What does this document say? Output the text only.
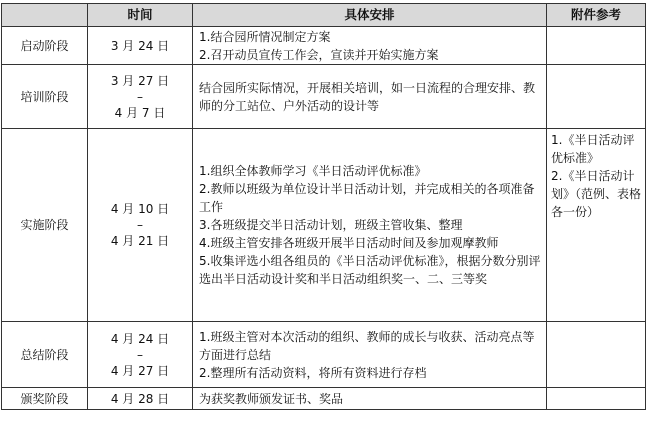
	时间	具体安排	附件参考
启动阶段	3 月 24 日	1.结合园所情况制定方案
2.召开动员宣传工作会，宣读并开始实施方案	

培训阶段	3 月 27 日
–
4 月 7 日	结合园所实际情况，开展相关培训，如一日流程的合理安排、教师的分工站位、户外活动的设计等	

实施阶段	4 月 10 日
–
4 月 21 日	1.组织全体教师学习《半日活动评优标准》
2.教师以班级为单位设计半日活动计划，并完成相关的各项准备工作
3.各班级提交半日活动计划，班级主管收集、整理
4.班级主管安排各班级开展半日活动时间及参加观摩教师
5.收集评选小组各组员的《半日活动评优标准》，根据分数分别评选出半日活动设计奖和半日活动组织奖一、二、三等奖	1.《半日活动评优标准》
2.《半日活动计划》（范例、表格各一份）

总结阶段	4 月 24 日
–
4 月 27 日	1.班级主管对本次活动的组织、教师的成长与收获、活动亮点等方面进行总结
2.整理所有活动资料，将所有资料进行存档	

颁奖阶段	4 月 28 日	为获奖教师颁发证书、奖品	
